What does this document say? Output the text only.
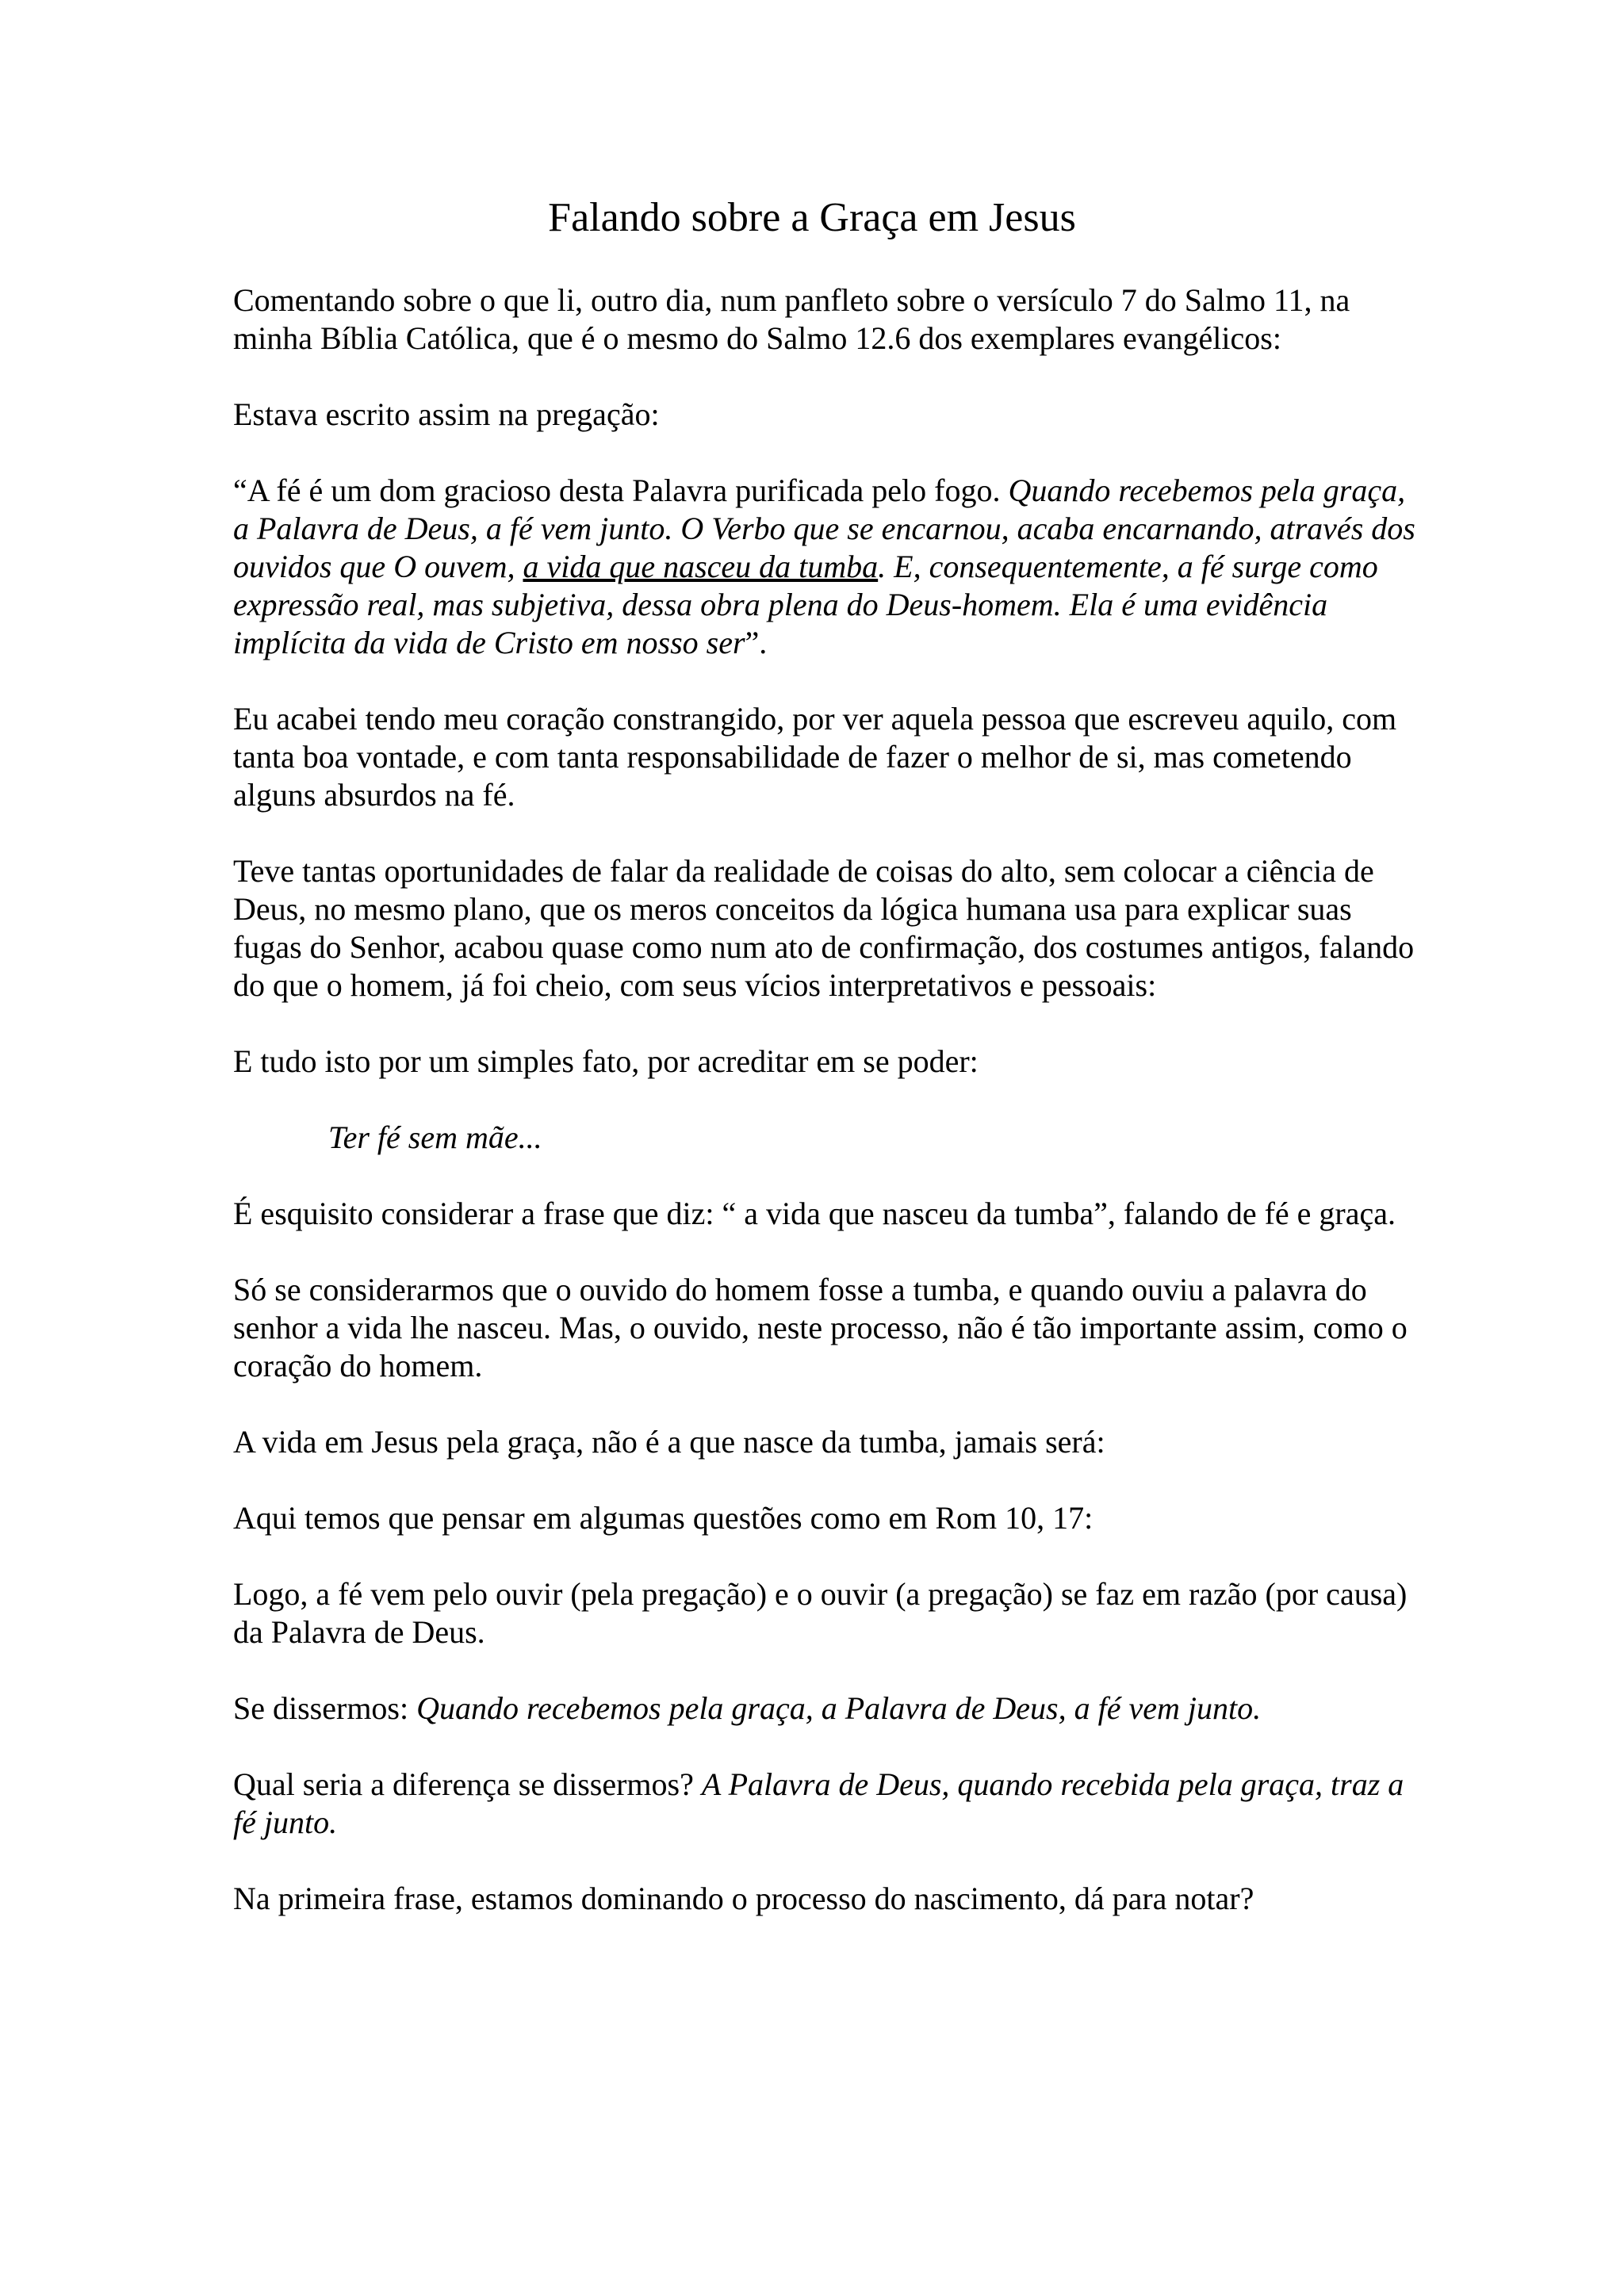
Falando sobre a Graça em Jesus

Comentando sobre o que li, outro dia, num panfleto sobre o versículo 7 do Salmo 11, na minha Bíblia Católica, que é o mesmo do Salmo 12.6 dos exemplares evangélicos:

Estava escrito assim na pregação:

“A fé é um dom gracioso desta Palavra purificada pelo fogo. Quando recebemos pela graça, a Palavra de Deus, a fé vem junto. O Verbo que se encarnou, acaba encarnando, através dos ouvidos que O ouvem, a vida que nasceu da tumba. E, consequentemente, a fé surge como expressão real, mas subjetiva, dessa obra plena do Deus-homem. Ela é uma evidência implícita da vida de Cristo em nosso ser”.

Eu acabei tendo meu coração constrangido, por ver aquela pessoa que escreveu aquilo, com tanta boa vontade, e com tanta responsabilidade de fazer o melhor de si, mas cometendo alguns absurdos na fé.

Teve tantas oportunidades de falar da realidade de coisas do alto, sem colocar a ciência de Deus, no mesmo plano, que os meros conceitos da lógica humana usa para explicar suas fugas do Senhor, acabou quase como num ato de confirmação, dos costumes antigos, falando do que o homem, já foi cheio, com seus vícios interpretativos e pessoais:

E tudo isto por um simples fato, por acreditar em se poder:

Ter fé sem mãe...

É esquisito considerar a frase que diz: “ a vida que nasceu da tumba”, falando de fé e graça.

Só se considerarmos que o ouvido do homem fosse a tumba, e quando ouviu a palavra do senhor a vida lhe nasceu. Mas, o ouvido, neste processo, não é tão importante assim, como o coração do homem.

A vida em Jesus pela graça, não é a que nasce da tumba, jamais será:

Aqui temos que pensar em algumas questões como em Rom 10, 17:

Logo, a fé vem pelo ouvir (pela pregação) e o ouvir (a pregação) se faz em razão (por causa) da Palavra de Deus.

Se dissermos: Quando recebemos pela graça, a Palavra de Deus, a fé vem junto.

Qual seria a diferença se dissermos? A Palavra de Deus, quando recebida pela graça, traz a fé junto.

Na primeira frase, estamos dominando o processo do nascimento, dá para notar?
